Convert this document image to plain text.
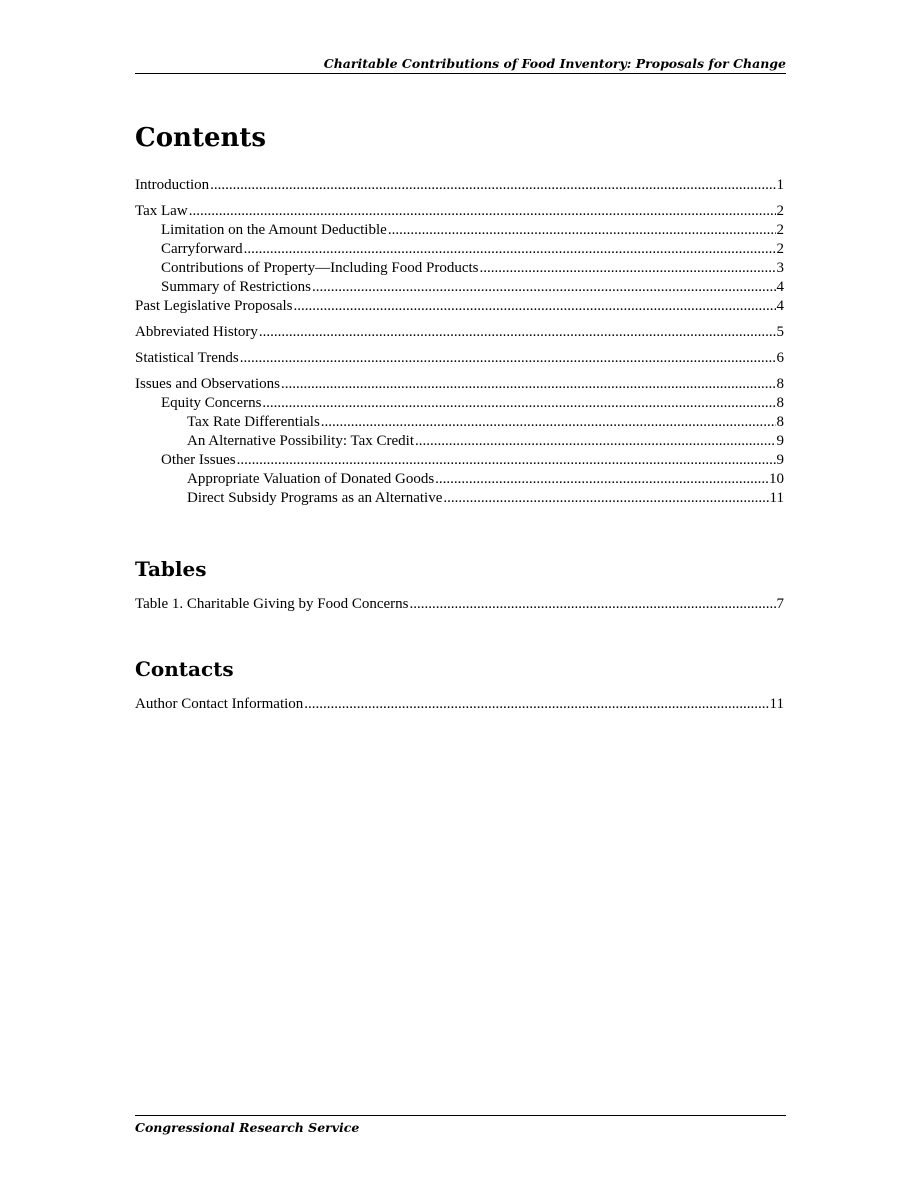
Charitable Contributions of Food Inventory: Proposals for Change
Contents
Introduction .....	1
Tax Law .....	2
Limitation on the Amount Deductible .....	2
Carryforward .....	2
Contributions of Property—Including Food Products .....	3
Summary of Restrictions .....	4
Past Legislative Proposals .....	4
Abbreviated History .....	5
Statistical Trends .....	6
Issues and Observations .....	8
Equity Concerns .....	8
Tax Rate Differentials .....	8
An Alternative Possibility: Tax Credit .....	9
Other Issues .....	9
Appropriate Valuation of Donated Goods .....	10
Direct Subsidy Programs as an Alternative .....	11
Tables
Table 1. Charitable Giving by Food Concerns .....	7
Contacts
Author Contact Information .....	11
Congressional Research Service
